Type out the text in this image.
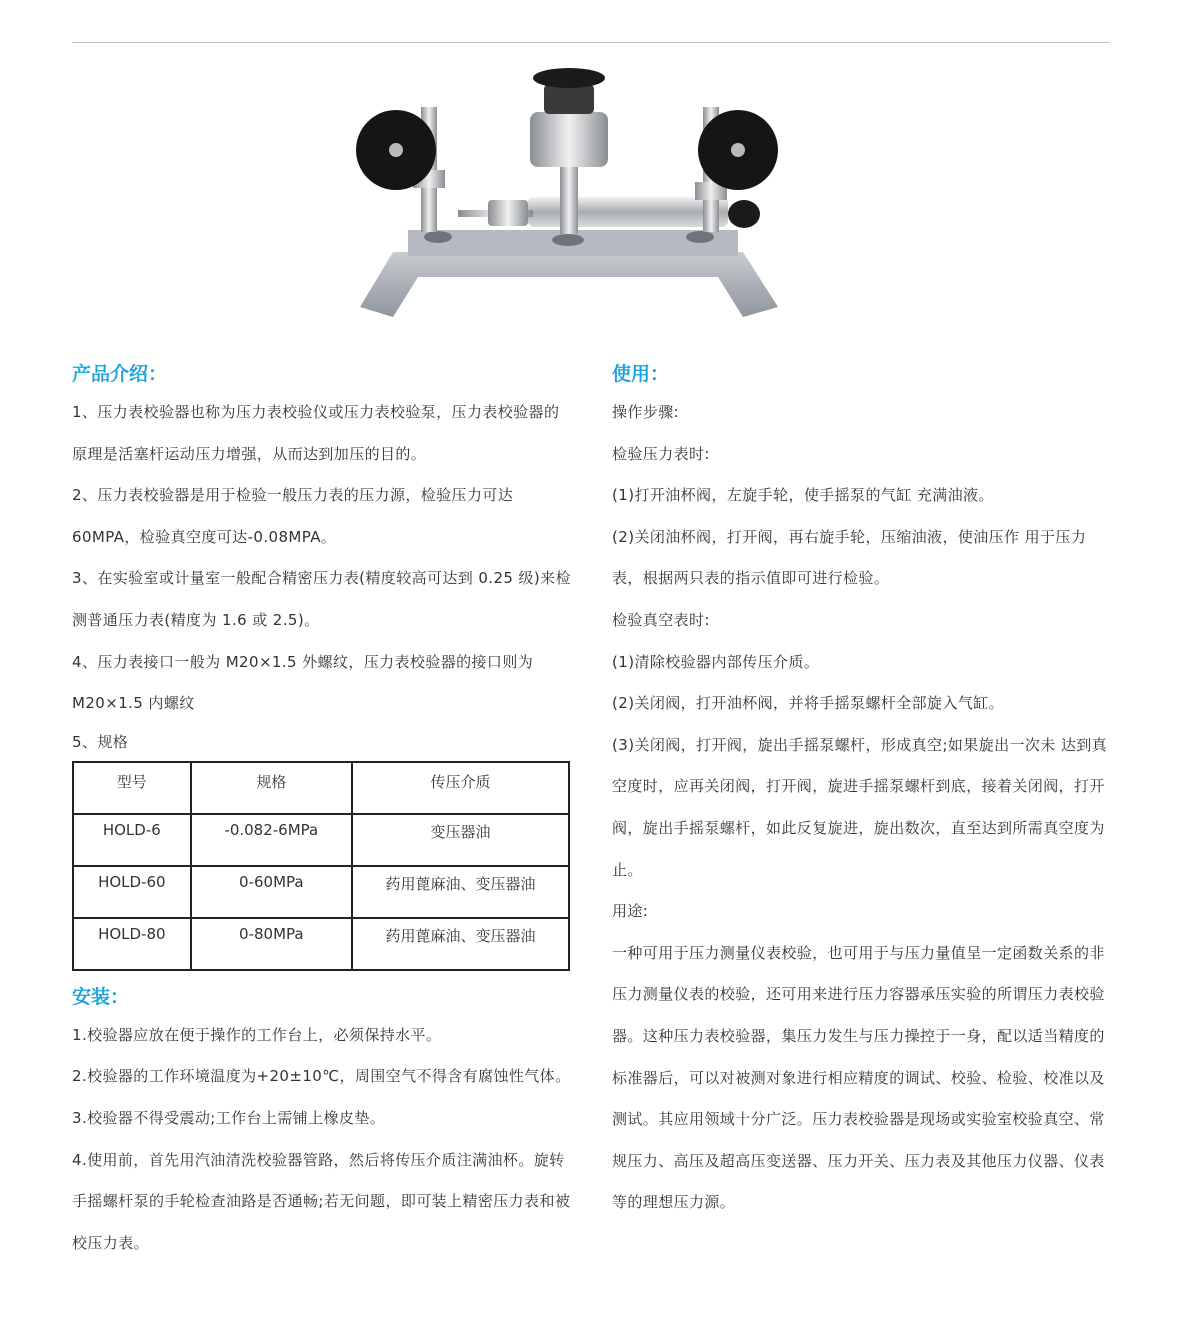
产品介绍：

1、压力表校验器也称为压力表校验仪或压力表校验泵，压力表校验器的原理是活塞杆运动压力增强，从而达到加压的目的。

2、压力表校验器是用于检验一般压力表的压力源，检验压力可达 60MPA，检验真空度可达-0.08MPA。

3、在实验室或计量室一般配合精密压力表(精度较高可达到 0.25 级)来检测普通压力表(精度为 1.6 或 2.5)。

4、压力表接口一般为 M20×1.5 外螺纹，压力表校验器的接口则为 M20×1.5 内螺纹

5、规格

型号	规格	传压介质
HOLD-6	-0.082-6MPa	变压器油
HOLD-60	0-60MPa	药用蓖麻油、变压器油
HOLD-80	0-80MPa	药用蓖麻油、变压器油
安装：

1.校验器应放在便于操作的工作台上，必须保持水平。

2.校验器的工作环境温度为+20±10℃，周围空气不得含有腐蚀性气体。

3.校验器不得受震动;工作台上需铺上橡皮垫。

4.使用前，首先用汽油清洗校验器管路，然后将传压介质注满油杯。旋转手摇螺杆泵的手轮检查油路是否通畅;若无问题，即可装上精密压力表和被校压力表。

使用：

操作步骤:

检验压力表时:

(1)打开油杯阀，左旋手轮，使手摇泵的气缸 充满油液。

(2)关闭油杯阀，打开阀，再右旋手轮，压缩油液，使油压作 用于压力表，根据两只表的指示值即可进行检验。

检验真空表时:

(1)清除校验器内部传压介质。

(2)关闭阀，打开油杯阀，并将手摇泵螺杆全部旋入气缸。

(3)关闭阀，打开阀，旋出手摇泵螺杆，形成真空;如果旋出一次未 达到真空度时，应再关闭阀，打开阀，旋进手摇泵螺杆到底，接着关闭阀，打开阀，旋出手摇泵螺杆，如此反复旋进，旋出数次，直至达到所需真空度为止。

用途:

一种可用于压力测量仪表校验，也可用于与压力量值呈一定函数关系的非压力测量仪表的校验，还可用来进行压力容器承压实验的所谓压力表校验器。这种压力表校验器，集压力发生与压力操控于一身，配以适当精度的标准器后，可以对被测对象进行相应精度的调试、校验、检验、校准以及测试。其应用领域十分广泛。压力表校验器是现场或实验室校验真空、常规压力、高压及超高压变送器、压力开关、压力表及其他压力仪器、仪表等的理想压力源。
